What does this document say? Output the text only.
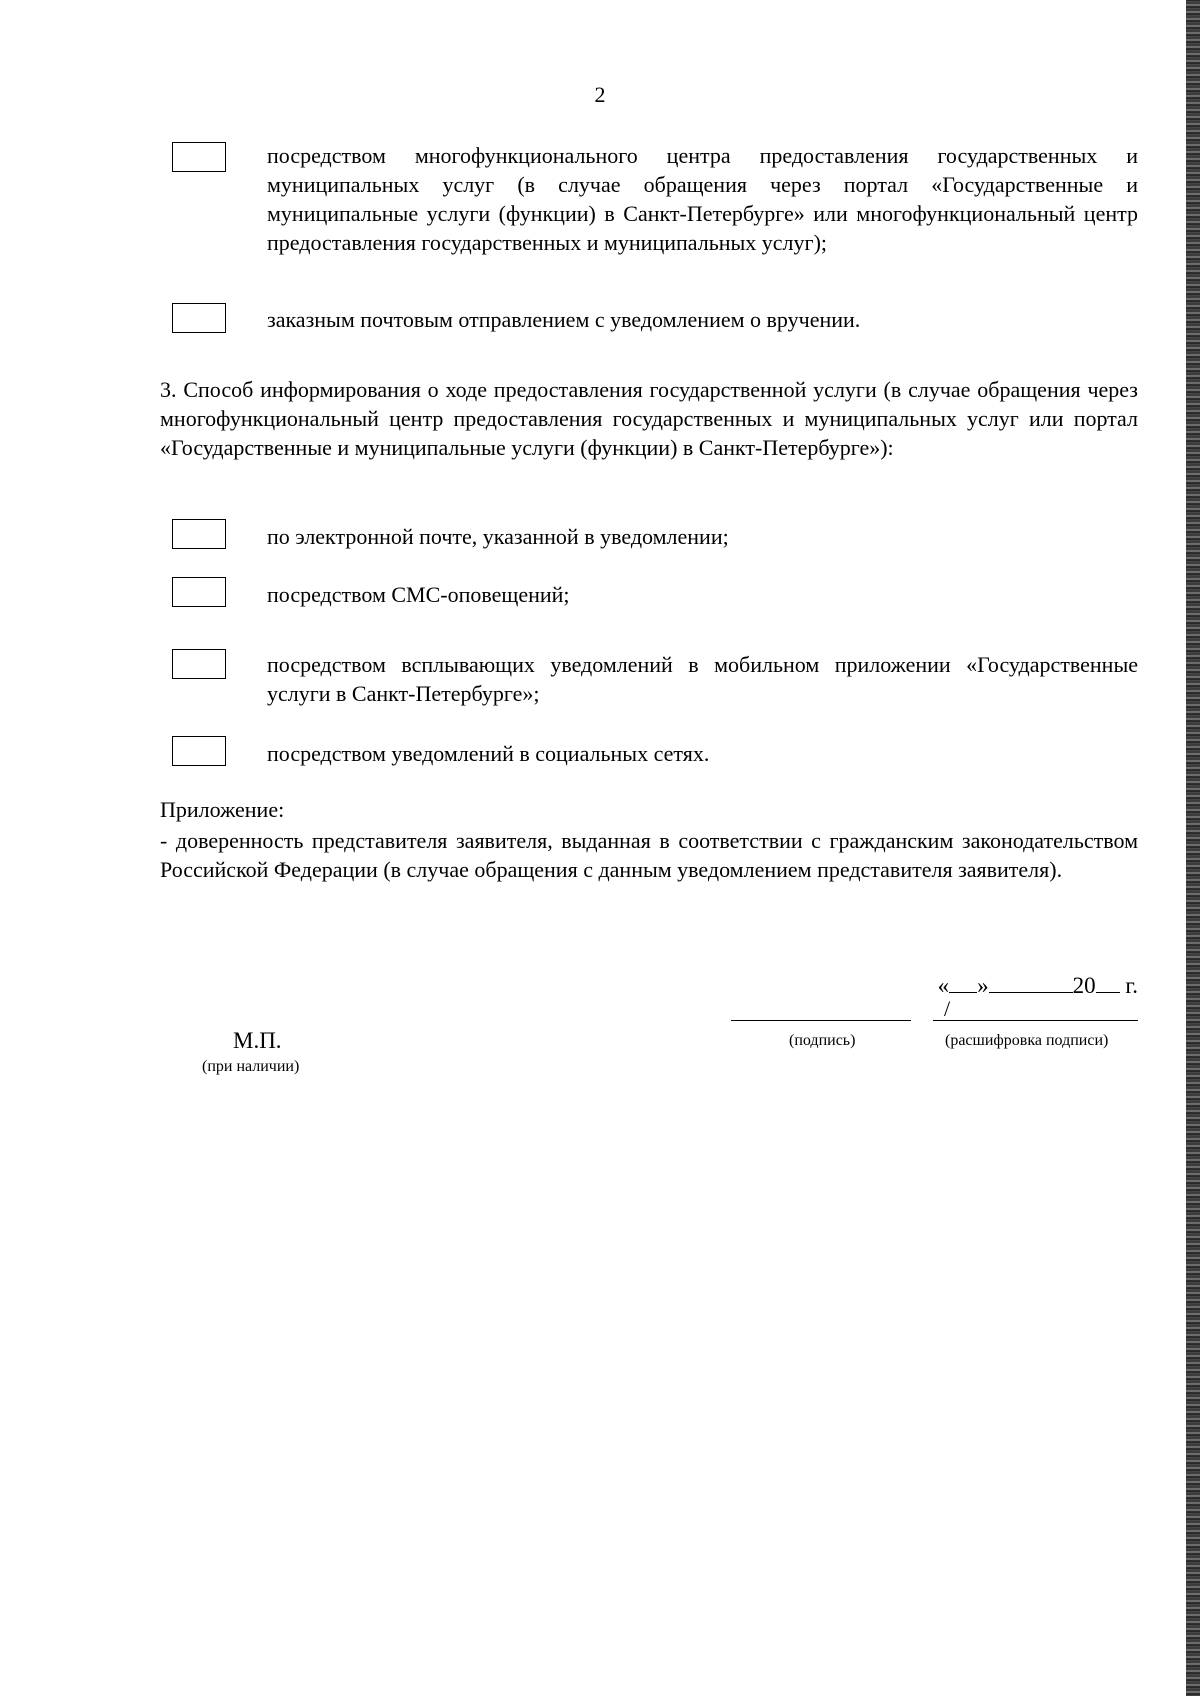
2
посредством многофункционального центра предоставления государственных и муниципальных услуг (в случае обращения через портал «Государственные и муниципальные услуги (функции) в Санкт-Петербурге» или многофункциональный центр предоставления государственных и муниципальных услуг);
заказным почтовым отправлением с уведомлением о вручении.
3. Способ информирования о ходе предоставления государственной услуги (в случае обращения через многофункциональный центр предоставления государственных и муниципальных услуг или портал «Государственные и муниципальные услуги (функции) в Санкт-Петербурге»):
по электронной почте, указанной в уведомлении;
посредством СМС-оповещений;
посредством всплывающих уведомлений в мобильном приложении «Государственные услуги в Санкт-Петербурге»;
посредством уведомлений в социальных сетях.
Приложение:
- доверенность представителя заявителя, выданная в соответствии с гражданским законодательством Российской Федерации (в случае обращения с данным уведомлением представителя заявителя).
« »	20 г.
/
(подпись)	(расшифровка подписи)
М.П.
(при наличии)
